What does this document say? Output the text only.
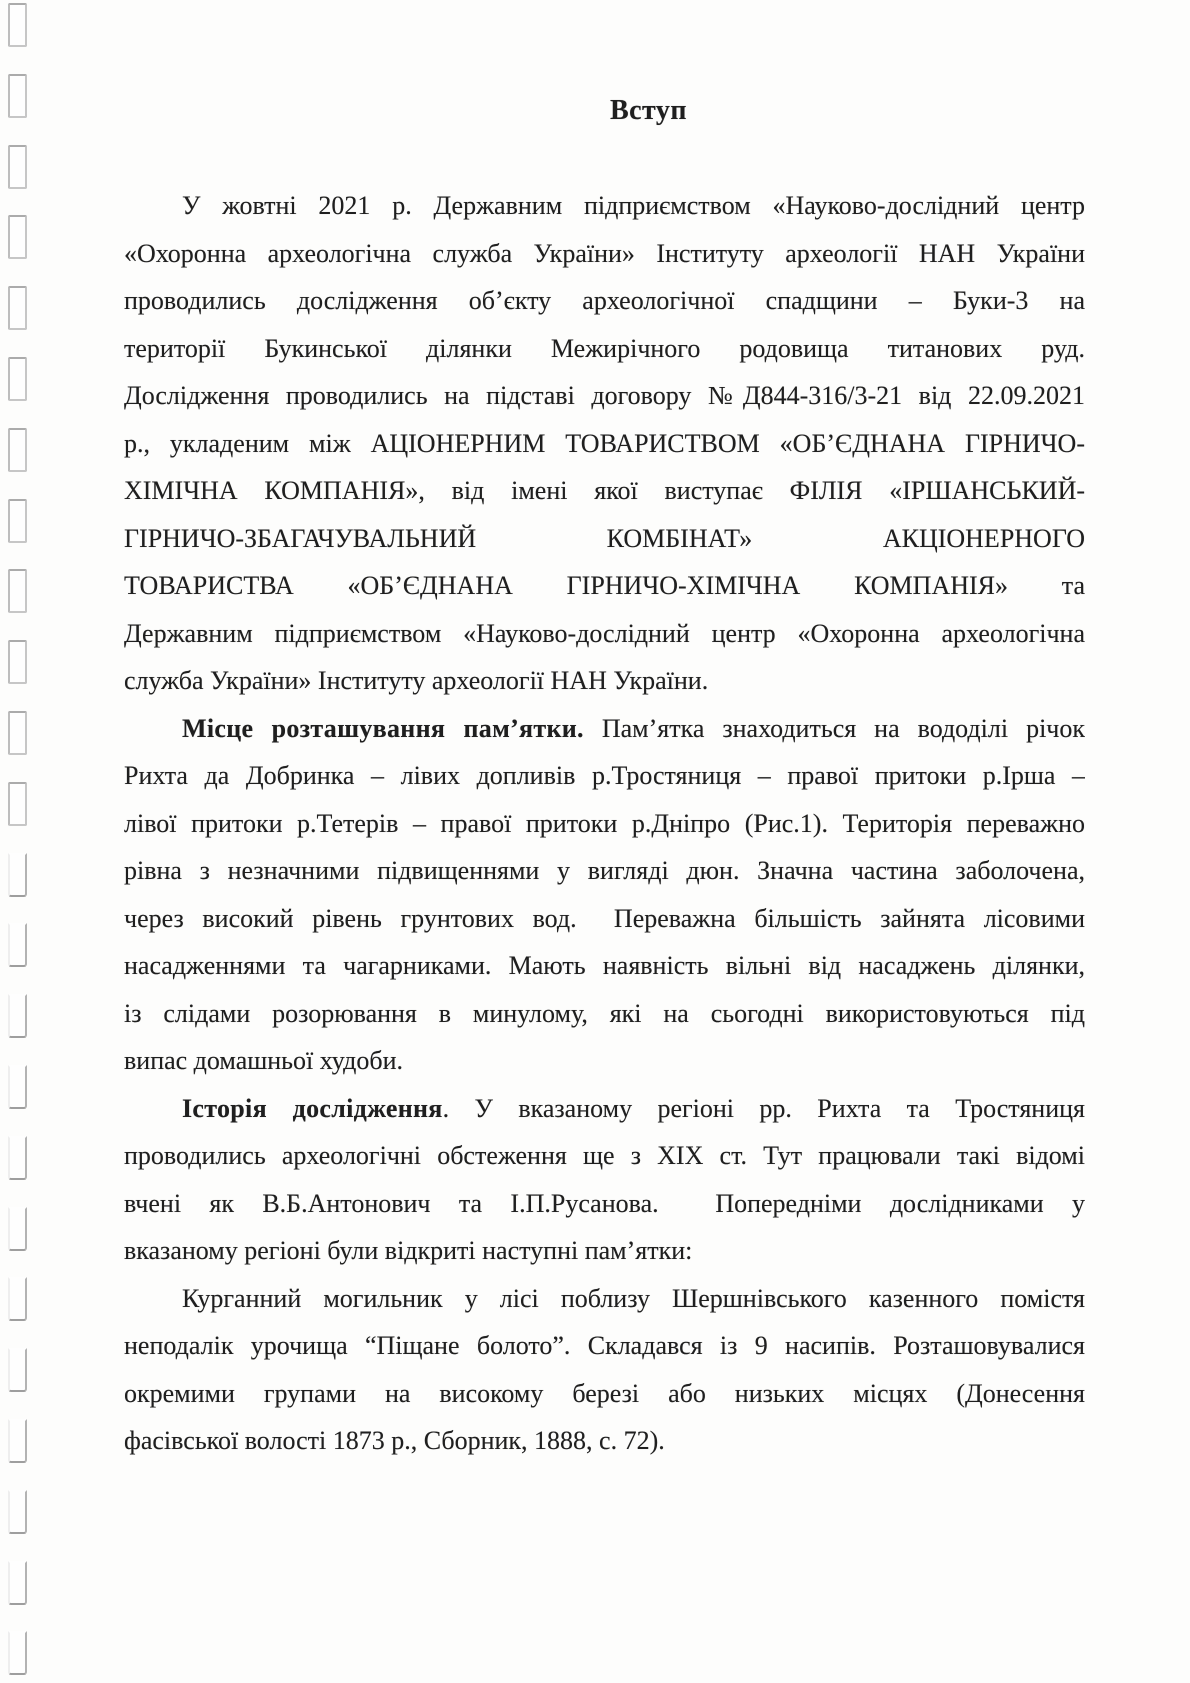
Вступ
У жовтні 2021 р. Державним підприємством «Науково-дослідний центр
«Охоронна археологічна служба України» Інституту археології НАН України
проводились дослідження об’єкту археологічної спадщини – Буки-3 на
території Букинської ділянки Межирічного родовища титанових руд.
Дослідження проводились на підставі договору №Д844-316/3-21 від 22.09.2021
р., укладеним між АЦІОНЕРНИМ ТОВАРИСТВОМ «ОБ’ЄДНАНА ГІРНИЧО-
ХІМІЧНА КОМПАНІЯ», від імені якої виступає ФІЛІЯ «ІРШАНСЬКИЙ-
ГІРНИЧО-ЗБАГАЧУВАЛЬНИЙ КОМБІНАТ» АКЦІОНЕРНОГО
ТОВАРИСТВА «ОБ’ЄДНАНА ГІРНИЧО-ХІМІЧНА КОМПАНІЯ» та
Державним підприємством «Науково-дослідний центр «Охоронна археологічна
служба України» Інституту археології НАН України.
Місце розташування пам’ятки. Пам’ятка знаходиться на вододілі річок
Рихта да Добринка – лівих допливів р.Тростяниця – правої притоки р.Ірша –
лівої притоки р.Тетерів – правої притоки р.Дніпро (Рис.1). Територія переважно
рівна з незначними підвищеннями у вигляді дюн. Значна частина заболочена,
через високий рівень грунтових вод.  Переважна більшість зайнята лісовими
насадженнями та чагарниками. Мають наявність вільні від насаджень ділянки,
із слідами розорювання в минулому, які на сьогодні використовуються під
випас домашньої худоби.
Історія дослідження. У вказаному регіоні рр. Рихта та Тростяниця
проводились археологічні обстеження ще з XIX ст. Тут працювали такі відомі
вчені як В.Б.Антонович та І.П.Русанова.  Попередніми дослідниками у
вказаному регіоні були відкриті наступні пам’ятки:
Курганний могильник у лісі поблизу Шершнівського казенного помістя
неподалік урочища “Піщане болото”. Складався із 9 насипів. Розташовувалися
окремими групами на високому березі або низьких місцях (Донесення
фасівської волості 1873 р., Сборник, 1888, с. 72).
